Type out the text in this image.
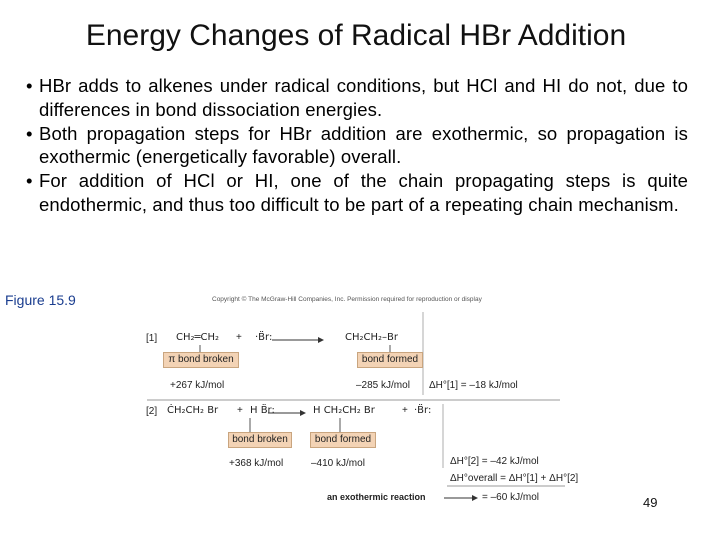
Energy Changes of Radical HBr Addition
• HBr adds to alkenes under radical conditions, but HCl and HI do not, due to differences in bond dissociation energies.
• Both propagation steps for HBr addition are exothermic, so propagation is exothermic (energetically favorable) overall.
• For addition of HCl or HI, one of the chain propagating steps is quite endothermic, and thus too difficult to be part of a repeating chain mechanism.
Figure 15.9	Copyright © The McGraw-Hill Companies, Inc. Permission required for reproduction or display
[1] CH₂═CH₂ + ·B̈r:	CH₂CH₂–Br
π bond broken	bond formed
+267 kJ/mol	–285 kJ/mol ΔH°[1] = –18 kJ/mol
[2] ĊH₂CH₂ Br + H B̈r:	H CH₂CH₂ Br	+ ·B̈r:
bond broken	bond formed
+368 kJ/mol	–410 kJ/mol	ΔH°[2] = –42 kJ/mol
ΔH°overall = ΔH°[1] + ΔH°[2]
an exothermic reaction	= –60 kJ/mol	49
